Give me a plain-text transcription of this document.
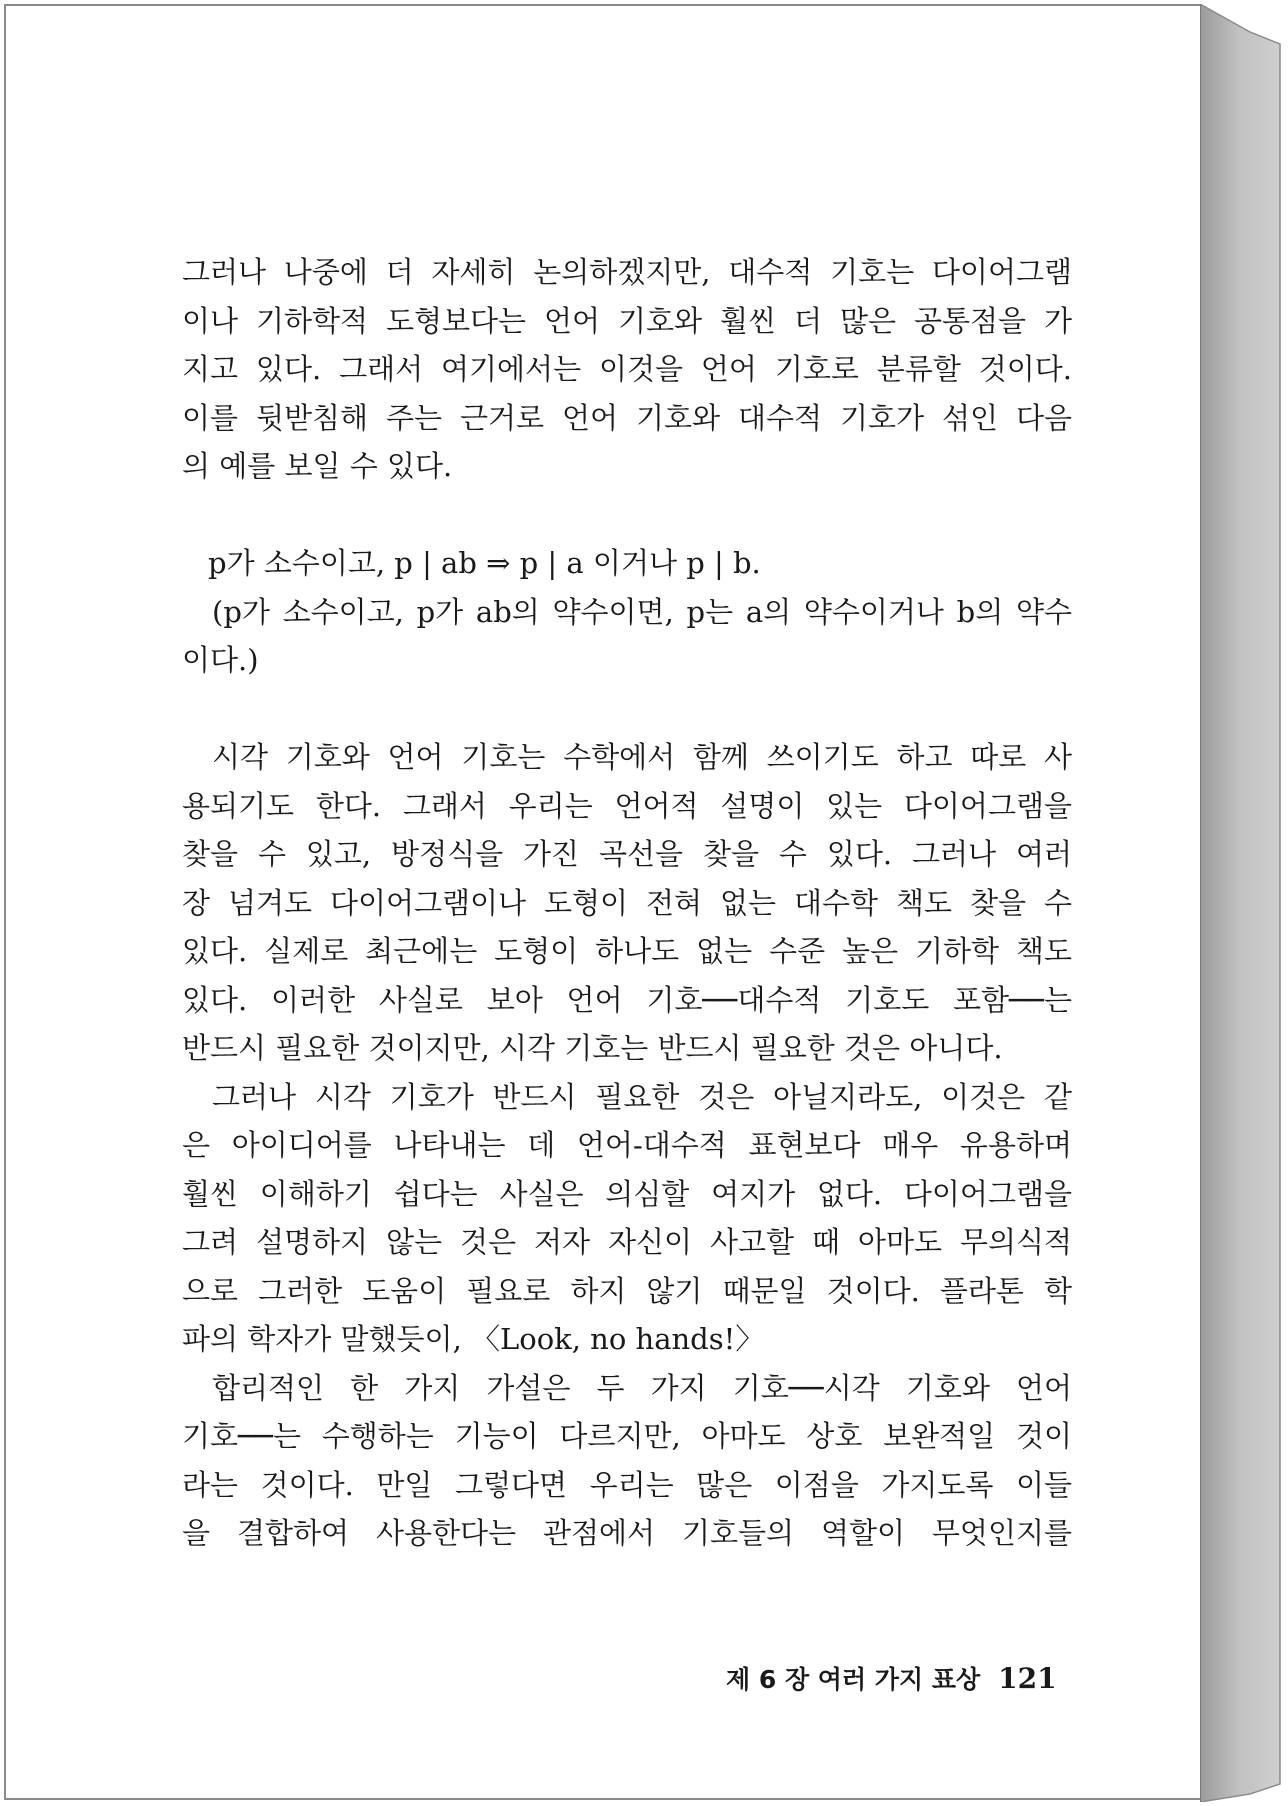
그러나 나중에 더 자세히 논의하겠지만, 대수적 기호는 다이어그램
이나 기하학적 도형보다는 언어 기호와 훨씬 더 많은 공통점을 가
지고 있다. 그래서 여기에서는 이것을 언어 기호로 분류할 것이다.
이를 뒷받침해 주는 근거로 언어 기호와 대수적 기호가 섞인 다음
의 예를 보일 수 있다.
p가 소수이고, p | ab ⇒ p | a 이거나 p | b.
(p가 소수이고, p가 ab의 약수이면, p는 a의 약수이거나 b의 약수
이다.)
시각 기호와 언어 기호는 수학에서 함께 쓰이기도 하고 따로 사
용되기도 한다. 그래서 우리는 언어적 설명이 있는 다이어그램을
찾을 수 있고, 방정식을 가진 곡선을 찾을 수 있다. 그러나 여러
장 넘겨도 다이어그램이나 도형이 전혀 없는 대수학 책도 찾을 수
있다. 실제로 최근에는 도형이 하나도 없는 수준 높은 기하학 책도
있다. 이러한 사실로 보아 언어 기호──대수적 기호도 포함──는
반드시 필요한 것이지만, 시각 기호는 반드시 필요한 것은 아니다.
그러나 시각 기호가 반드시 필요한 것은 아닐지라도, 이것은 같
은 아이디어를 나타내는 데 언어-대수적 표현보다 매우 유용하며
훨씬 이해하기 쉽다는 사실은 의심할 여지가 없다. 다이어그램을
그려 설명하지 않는 것은 저자 자신이 사고할 때 아마도 무의식적
으로 그러한 도움이 필요로 하지 않기 때문일 것이다. 플라톤 학
파의 학자가 말했듯이, 〈Look, no hands!〉
합리적인 한 가지 가설은 두 가지 기호──시각 기호와 언어
기호──는 수행하는 기능이 다르지만, 아마도 상호 보완적일 것이
라는 것이다. 만일 그렇다면 우리는 많은 이점을 가지도록 이들
을 결합하여 사용한다는 관점에서 기호들의 역할이 무엇인지를
제 6 장 여러 가지 표상 121
